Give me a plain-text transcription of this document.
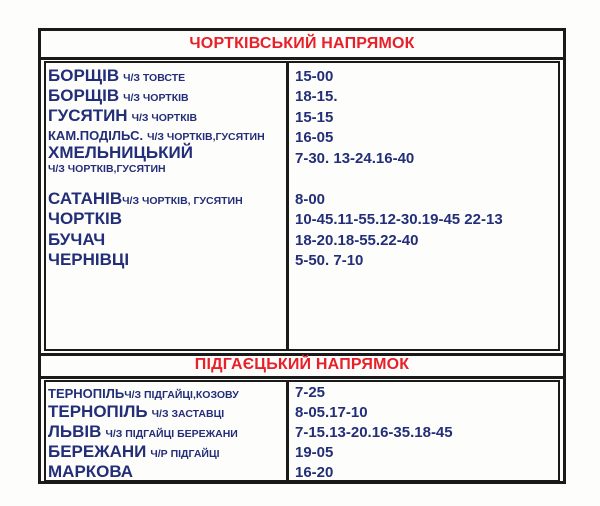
ЧОРТКІВСЬКИЙ НАПРЯМОК
БОРЩІВ Ч/З ТОВСТЕ
БОРЩІВ Ч/З ЧОРТКІВ
ГУСЯТИН Ч/З ЧОРТКІВ
КАМ.ПОДІЛЬС. Ч/З ЧОРТКІВ,ГУСЯТИН
ХМЕЛЬНИЦЬКИЙ
Ч/З ЧОРТКІВ,ГУСЯТИН
САТАНІВЧ/З ЧОРТКІВ, ГУСЯТИН
ЧОРТКІВ
БУЧАЧ
ЧЕРНІВЦІ
15-00
18-15.
15-15
16-05
7-30. 13-24.16-40
8-00
10-45.11-55.12-30.19-45 22-13
18-20.18-55.22-40
5-50. 7-10
ПІДГАЄЦЬКИЙ НАПРЯМОК
ТЕРНОПІЛЬЧ/З ПІДГАЙЦІ,КОЗОВУ
ТЕРНОПІЛЬ Ч/З ЗАСТАВЦІ
ЛЬВІВ Ч/З ПІДГАЙЦІ БЕРЕЖАНИ
БЕРЕЖАНИ Ч/Р ПІДГАЙЦІ
МАРКОВА
7-25
8-05.17-10
7-15.13-20.16-35.18-45
19-05
16-20
